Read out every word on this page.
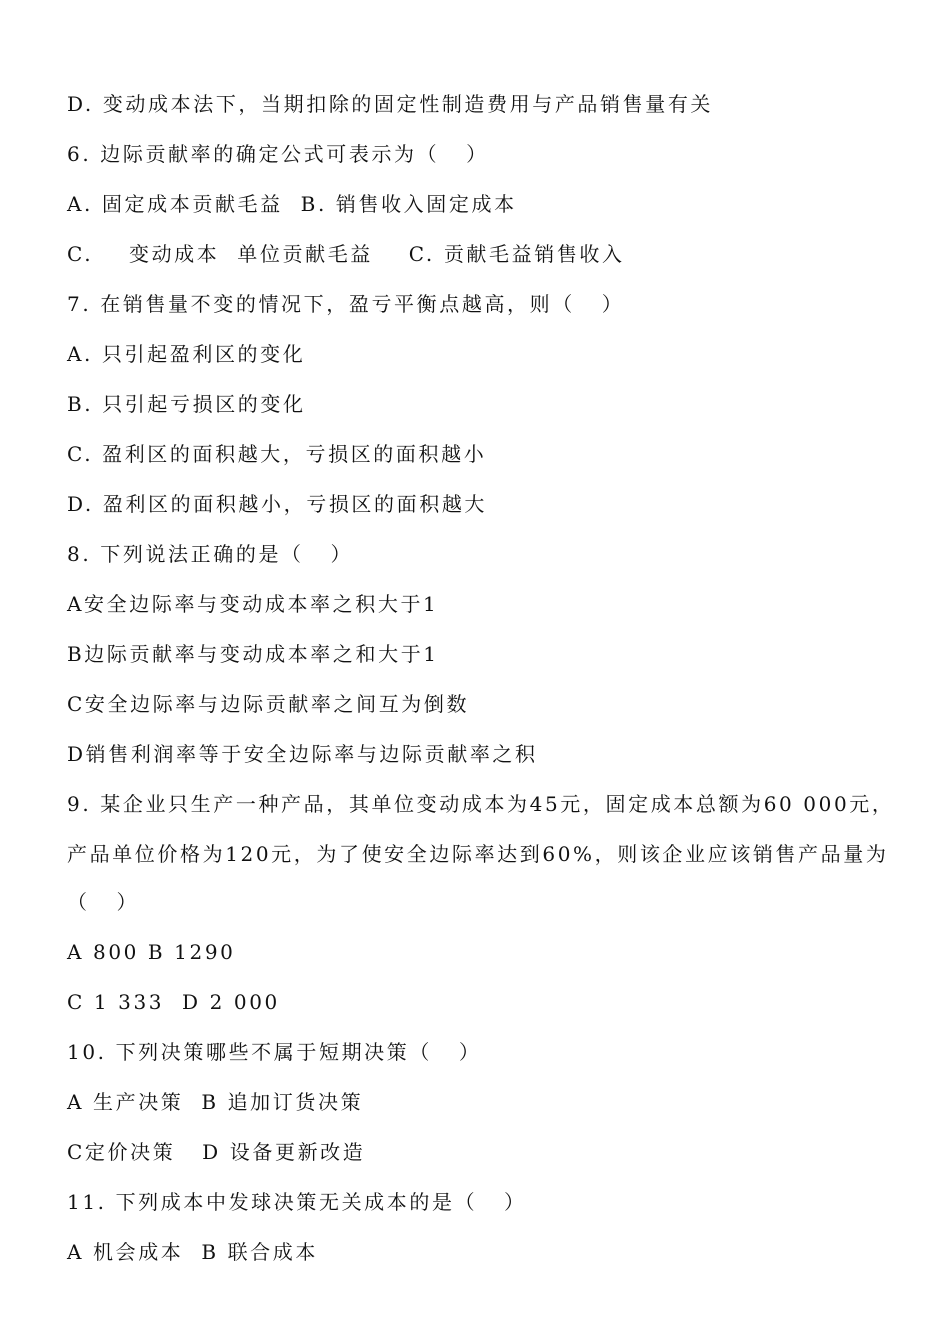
D. 变动成本法下，当期扣除的固定性制造费用与产品销售量有关
6. 边际贡献率的确定公式可表示为（   ）
A. 固定成本贡献毛益  B. 销售收入固定成本
C.    变动成本  单位贡献毛益    C. 贡献毛益销售收入
7. 在销售量不变的情况下，盈亏平衡点越高，则（   ）
A. 只引起盈利区的变化
B. 只引起亏损区的变化
C. 盈利区的面积越大，亏损区的面积越小
D. 盈利区的面积越小，亏损区的面积越大
8. 下列说法正确的是（   ）
A安全边际率与变动成本率之积大于1
B边际贡献率与变动成本率之和大于1
C安全边际率与边际贡献率之间互为倒数
D销售利润率等于安全边际率与边际贡献率之积
9. 某企业只生产一种产品，其单位变动成本为45元，固定成本总额为60 000元，
产品单位价格为120元，为了使安全边际率达到60%，则该企业应该销售产品量为
（   ）
A 800 B 1290
C 1 333  D 2 000
10. 下列决策哪些不属于短期决策（   ）
A 生产决策  B 追加订货决策
C定价决策   D 设备更新改造
11. 下列成本中发球决策无关成本的是（   ）
A 机会成本  B 联合成本
